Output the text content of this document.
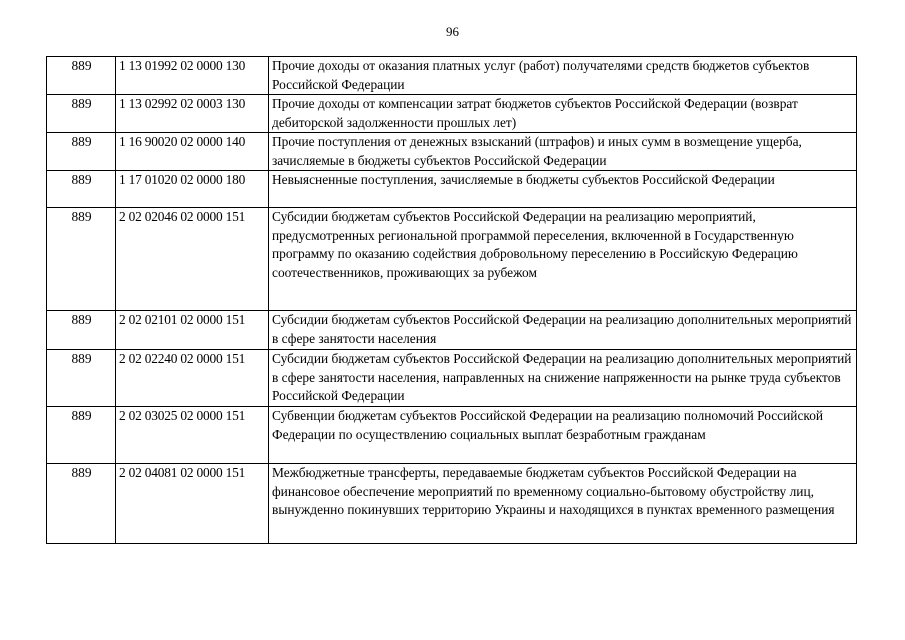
96
889	1 13 01992 02 0000 130	Прочие доходы от оказания платных услуг (работ) получателями средств бюджетов субъектов Российской Федерации
889	1 13 02992 02 0003 130	Прочие доходы от компенсации затрат бюджетов субъектов Российской Федерации (возврат дебиторской задолженности прошлых лет)
889	1 16 90020 02 0000 140	Прочие поступления от денежных взысканий (штрафов) и иных сумм в возмещение ущерба, зачисляемые в бюджеты субъектов Российской Федерации
889	1 17 01020 02 0000 180	Невыясненные поступления, зачисляемые в бюджеты субъектов Российской Федерации
889	2 02 02046 02 0000 151	Субсидии бюджетам субъектов Российской Федерации на реализацию мероприятий, предусмотренных региональной программой переселения, включенной в Государственную программу по оказанию содействия добровольному переселению в Российскую Федерацию соотечественников, проживающих за рубежом
889	2 02 02101 02 0000 151	Субсидии бюджетам субъектов Российской Федерации на реализацию дополнительных мероприятий в сфере занятости населения
889	2 02 02240 02 0000 151	Субсидии бюджетам субъектов Российской Федерации на реализацию дополнительных мероприятий в сфере занятости населения, направленных на снижение напряженности на рынке труда субъектов Российской Федерации
889	2 02 03025 02 0000 151	Субвенции бюджетам субъектов Российской Федерации на реализацию полномочий Российской Федерации по осуществлению социальных выплат безработным гражданам
889	2 02 04081 02 0000 151	Межбюджетные трансферты, передаваемые бюджетам субъектов Российской Федерации на финансовое обеспечение мероприятий по временному социально-бытовому обустройству лиц, вынужденно покинувших территорию Украины и находящихся в пунктах временного размещения
